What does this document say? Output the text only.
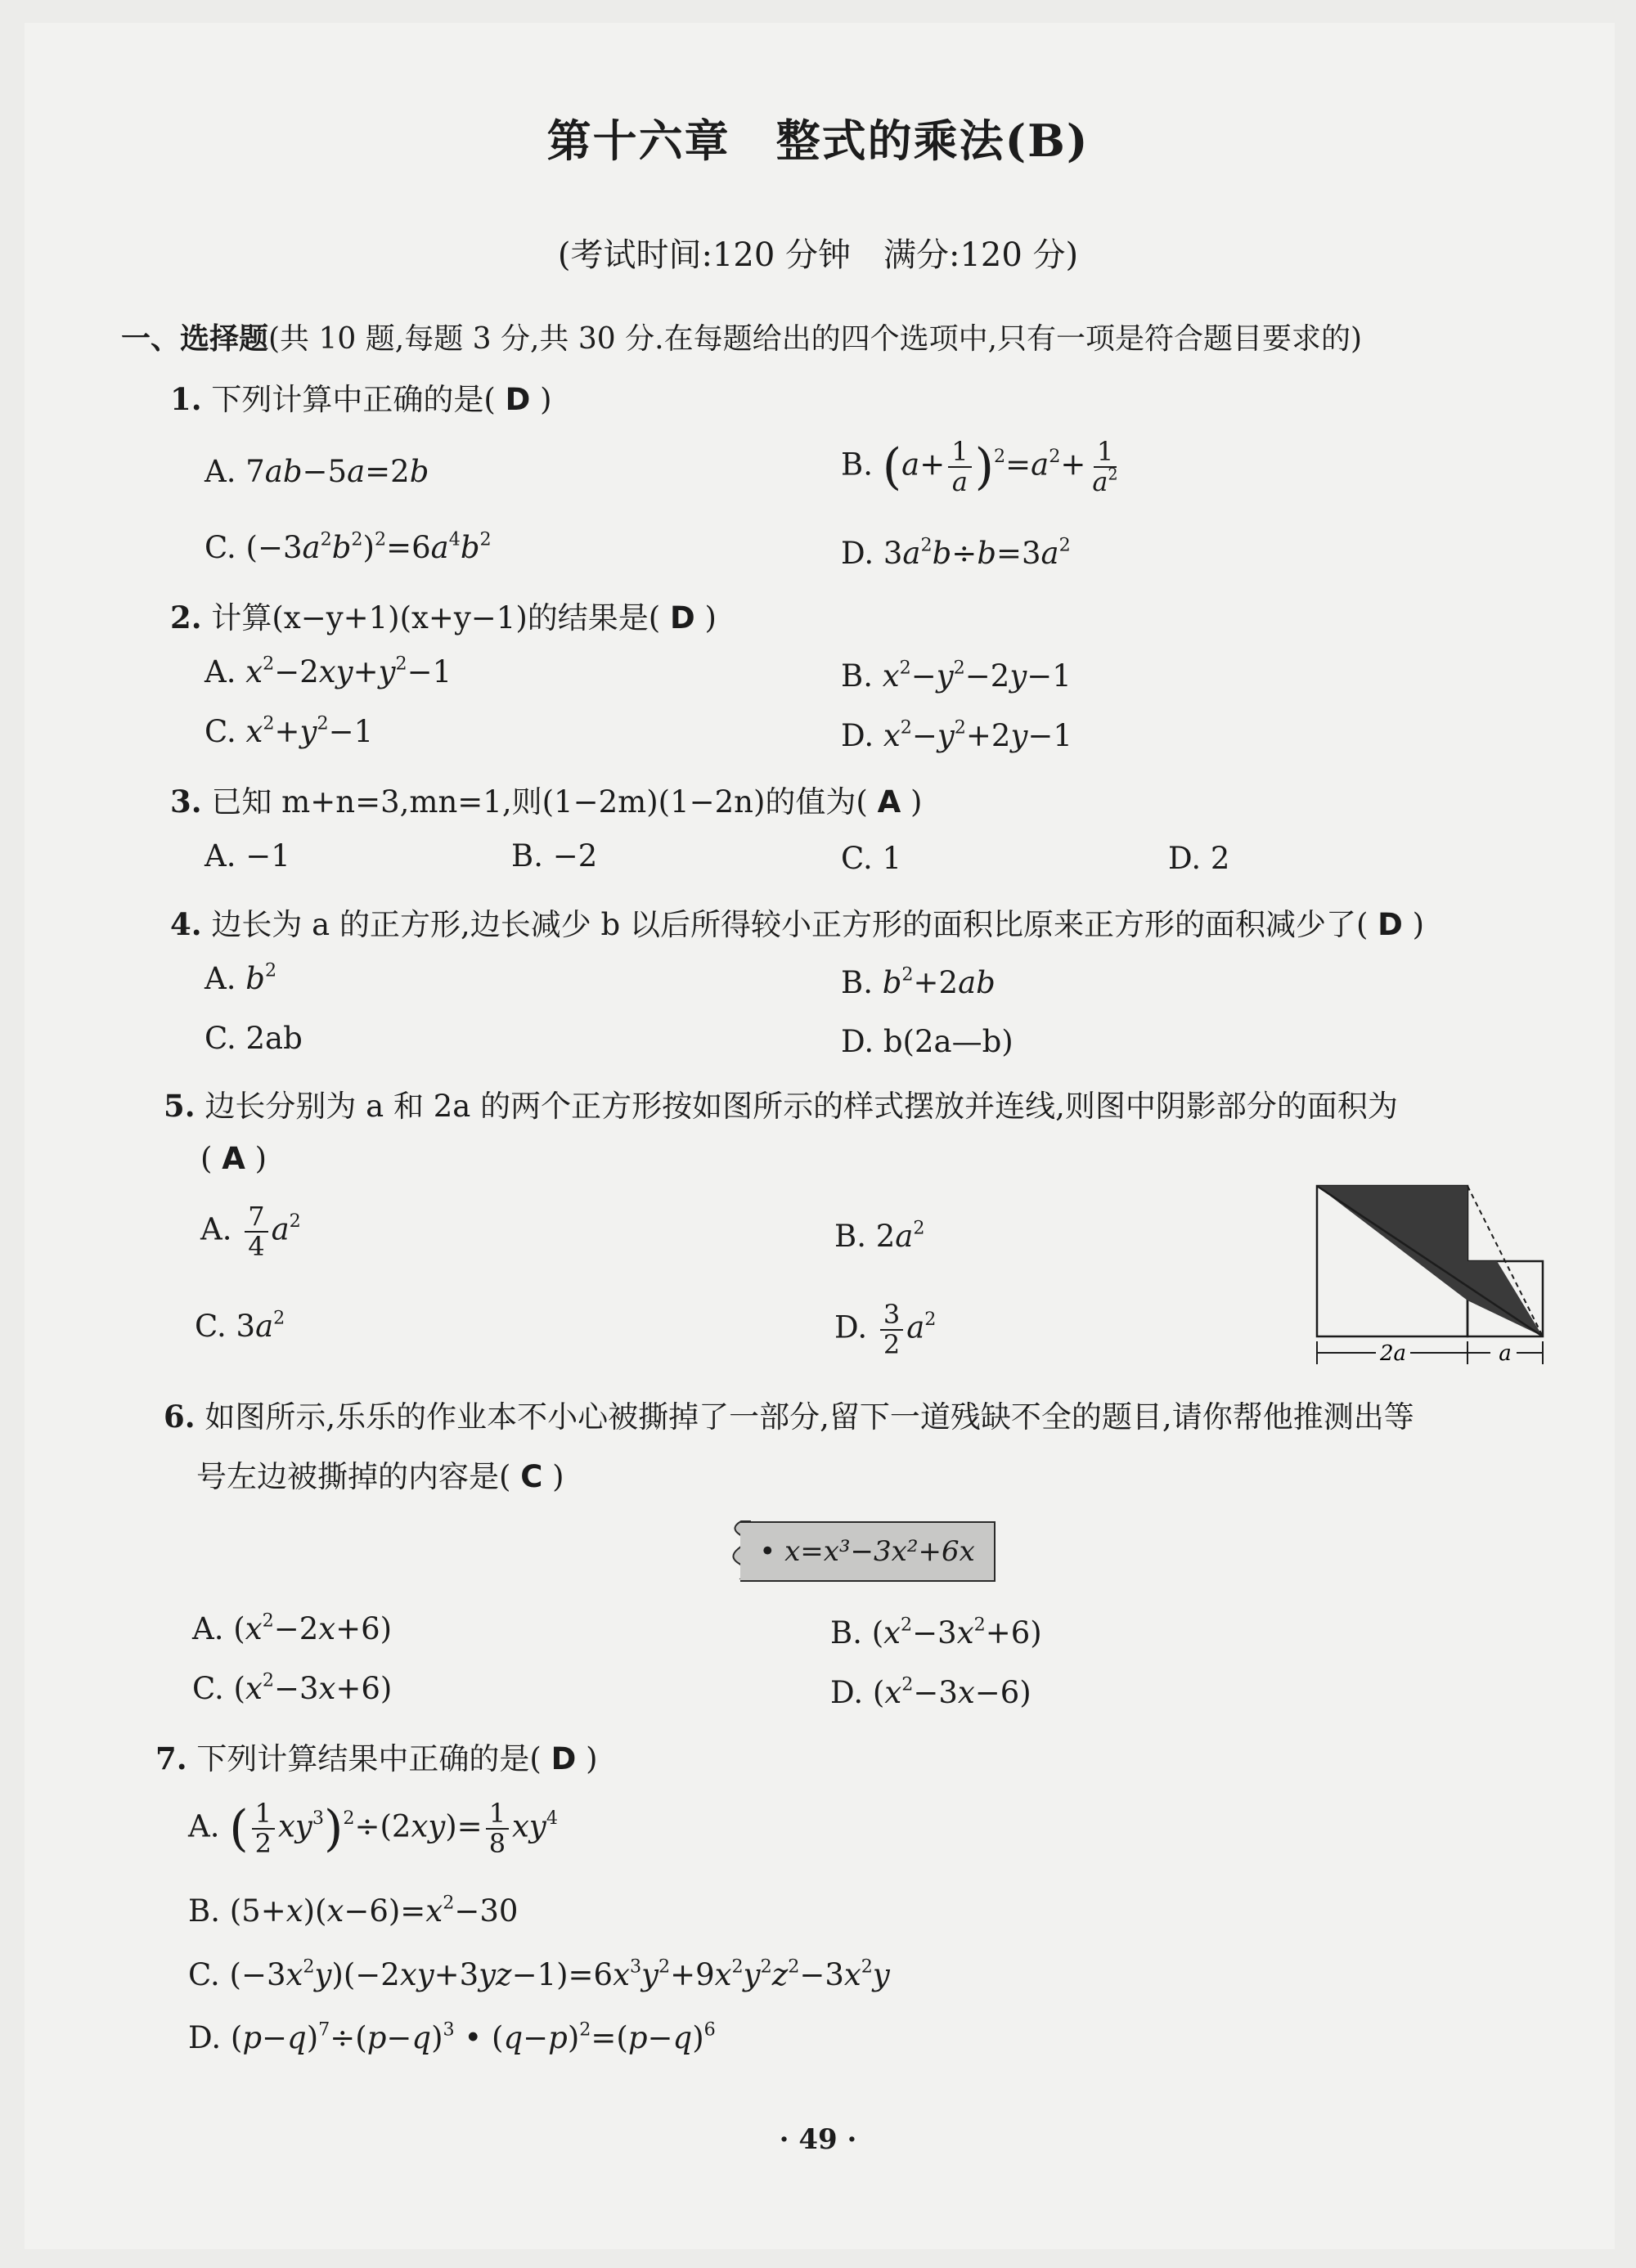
第十六章　整式的乘法(B)
(考试时间:120 分钟　满分:120 分)
一、选择题(共 10 题,每题 3 分,共 30 分.在每题给出的四个选项中,只有一项是符合题目要求的)
1. 下列计算中正确的是( D )
A. 7ab−5a=2b	B. $(a+ \frac{1}{a} )^2=a^2+ \frac{1}{a^2}$
C. $(-3a^2b^2)^2=6a^4b^2$	D. $3a^2b\div b=3a^2$
2. 计算(x−y+1)(x+y−1)的结果是( D )
A. $x^2-2xy+y^2-1$	B. $x^2-y^2-2y-1$
C. $x^2+y^2-1$	D. $x^2-y^2+2y-1$
3. 已知 m+n=3,mn=1,则(1−2m)(1−2n)的值为( A )
A. −1	B. −2	C. 1	D. 2
4. 边长为 a 的正方形,边长减少 b 以后所得较小正方形的面积比原来正方形的面积减少了( D )
A. $b^2$	B. $b^2+2ab$
C. 2ab	D. b(2a—b)
5. 边长分别为 a 和 2a 的两个正方形按如图所示的样式摆放并连线,则图中阴影部分的面积为
( A )
A. $\frac{7}{4} a^2$	B. $2a^2$
C. $3a^2$	D. $\frac{3}{2} a^2$
2a	a
6. 如图所示,乐乐的作业本不小心被撕掉了一部分,留下一道残缺不全的题目,请你帮他推测出等
号左边被撕掉的内容是( C )
• x=x³−3x²+6x
A. $(x^2-2x+6)$	B. $(x^2-3x^2+6)$
C. $(x^2-3x+6)$	D. $(x^2-3x-6)$
7. 下列计算结果中正确的是( D )
A. ( $\frac{1}{2} xy^3)^2\div(2xy)= \frac{1}{8} xy^4$
B. $(5+x)(x-6)=x^2-30$
C. $(-3x^2y)(-2xy+3yz-1)=6x^3y^2+9x^2y^2z^2-3x^2y$
D. $(p-q)^7\div(p-q)^3$ • $(q-p)^2=(p-q)^6$
· 49 ·
